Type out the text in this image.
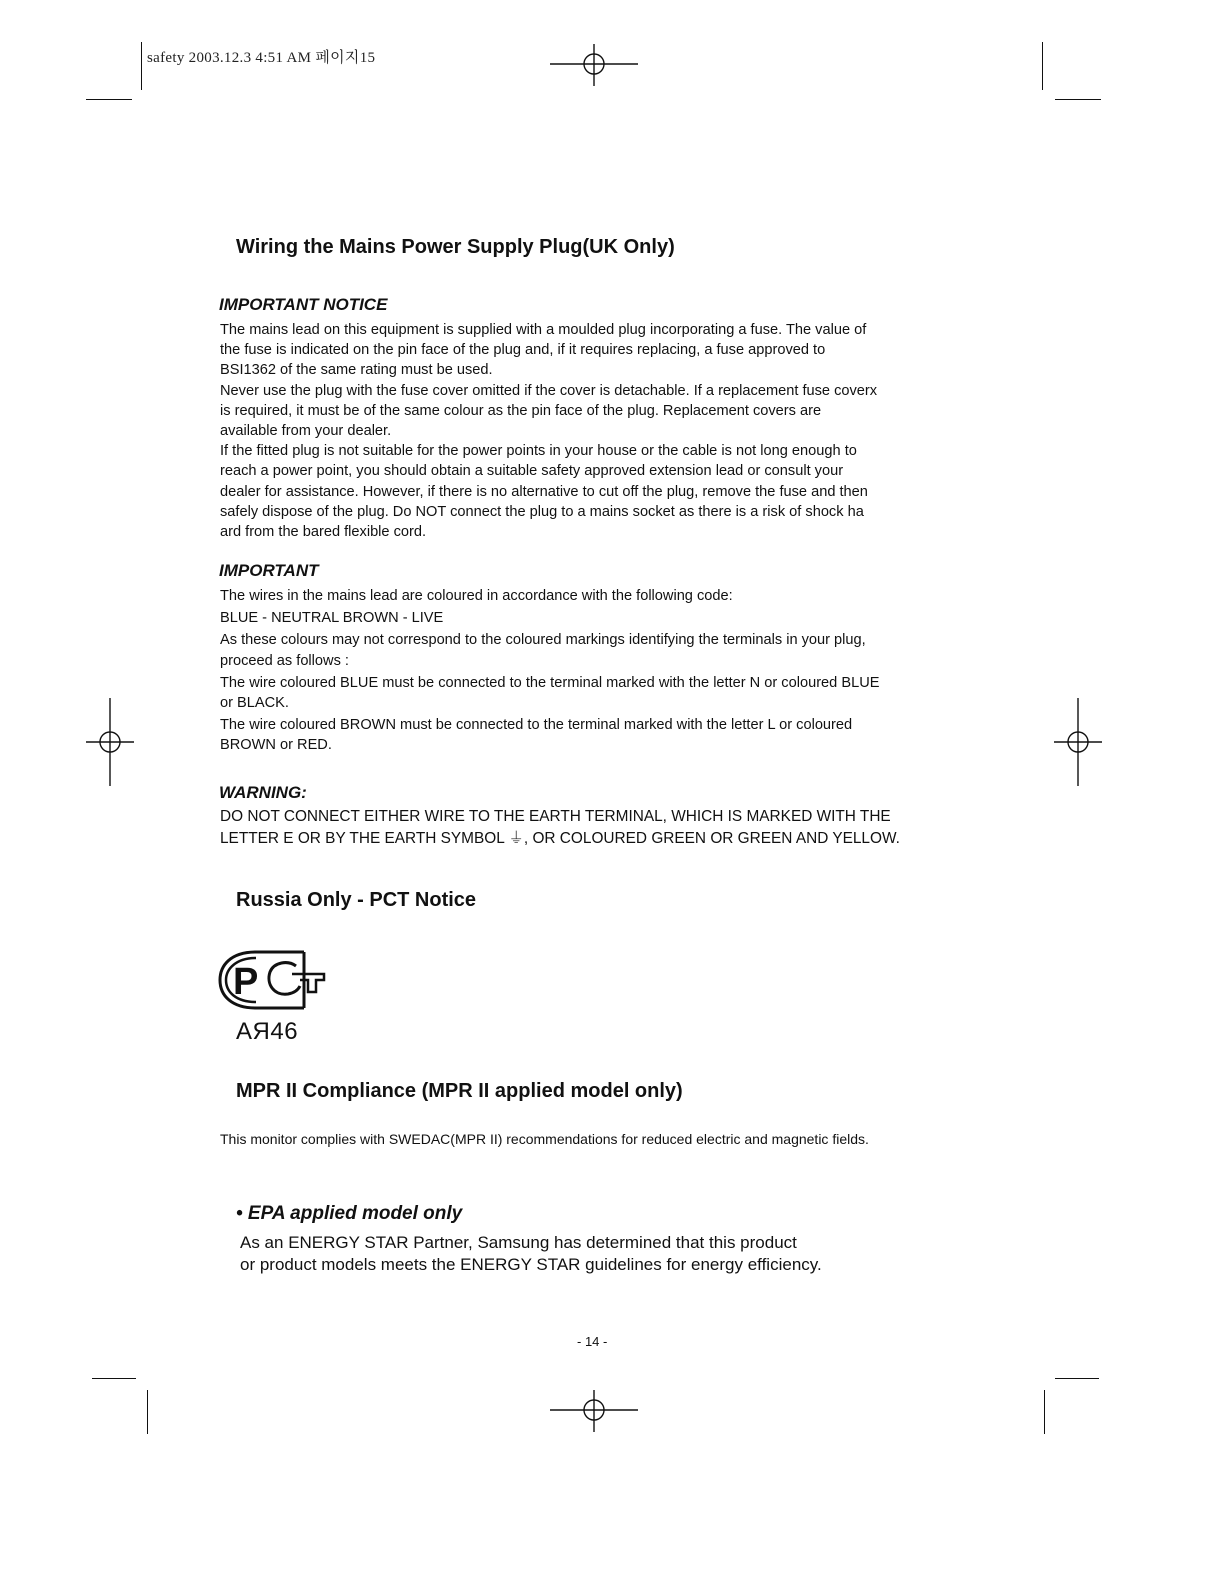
safety 2003.12.3 4:51 AM 페이지15
Wiring the Mains Power Supply Plug(UK Only)
IMPORTANT NOTICE

The mains lead on this equipment is supplied with a moulded plug incorporating a fuse. The value of

the fuse is indicated on the pin face of the plug and, if it requires replacing, a fuse approved to

BSI1362 of the same rating must be used.

Never use the plug with the fuse cover omitted if the cover is detachable. If a replacement fuse coverx

is required, it must be of the same colour as the pin face of the plug. Replacement covers are

available from your dealer.

If the fitted plug is not suitable for the power points in your house or the cable is not long enough to

reach a power point, you should obtain a suitable safety approved extension lead or consult your

dealer for assistance. However, if there is no alternative to cut off the plug, remove the fuse and then

safely dispose of the plug. Do NOT connect the plug to a mains socket as there is a risk of shock ha

ard from the bared flexible cord.

IMPORTANT

The wires in the mains lead are coloured in accordance with the following code:

BLUE - NEUTRAL BROWN - LIVE

As these colours may not correspond to the coloured markings identifying the terminals in your plug,

proceed as follows :

The wire coloured BLUE must be connected to the terminal marked with the letter N or coloured BLUE

or BLACK.

The wire coloured BROWN must be connected to the terminal marked with the letter L or coloured

BROWN or RED.

WARNING:

DO NOT CONNECT EITHER WIRE TO THE EARTH TERMINAL, WHICH IS MARKED WITH THE

LETTER E OR BY THE EARTH SYMBOL ⏚, OR COLOURED GREEN OR GREEN AND YELLOW.

Russia Only - PCT Notice
P
AЯ46
MPR II Compliance (MPR II applied model only)
This monitor complies with SWEDAC(MPR II) recommendations for reduced electric and magnetic fields.
• EPA applied model only

As an ENERGY STAR Partner, Samsung has determined that this product

or product models meets the ENERGY STAR guidelines for energy efficiency.

- 14 -
